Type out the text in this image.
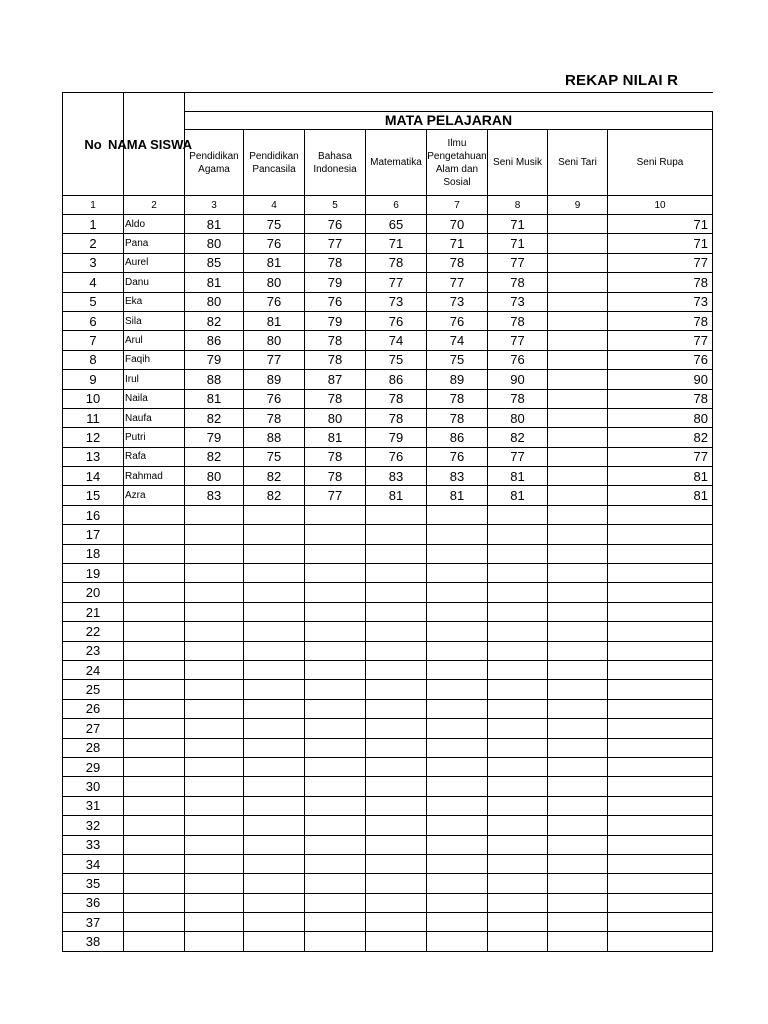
REKAP NILAI R
No	NAMA SISWA								
		MATA PELAJARAN							
		Pendidikan Agama	Pendidikan Pancasila	Bahasa Indonesia	Matematika	Ilmu Pengetahuan Alam dan Sosial	Seni Musik	Seni Tari	Seni Rupa
1	2	3	4	5	6	7	8	9	10
1	Aldo	81	75	76	65	70	71		71
2	Pana	80	76	77	71	71	71		71
3	Aurel	85	81	78	78	78	77		77
4	Danu	81	80	79	77	77	78		78
5	Eka	80	76	76	73	73	73		73
6	Sila	82	81	79	76	76	78		78
7	Arul	86	80	78	74	74	77		77
8	Faqih	79	77	78	75	75	76		76
9	Irul	88	89	87	86	89	90		90
10	Naila	81	76	78	78	78	78		78
11	Naufa	82	78	80	78	78	80		80
12	Putri	79	88	81	79	86	82		82
13	Rafa	82	75	78	76	76	77		77
14	Rahmad	80	82	78	83	83	81		81
15	Azra	83	82	77	81	81	81		81
16									
17									
18									
19									
20									
21									
22									
23									
24									
25									
26									
27									
28									
29									
30									
31									
32									
33									
34									
35									
36									
37									
38									
